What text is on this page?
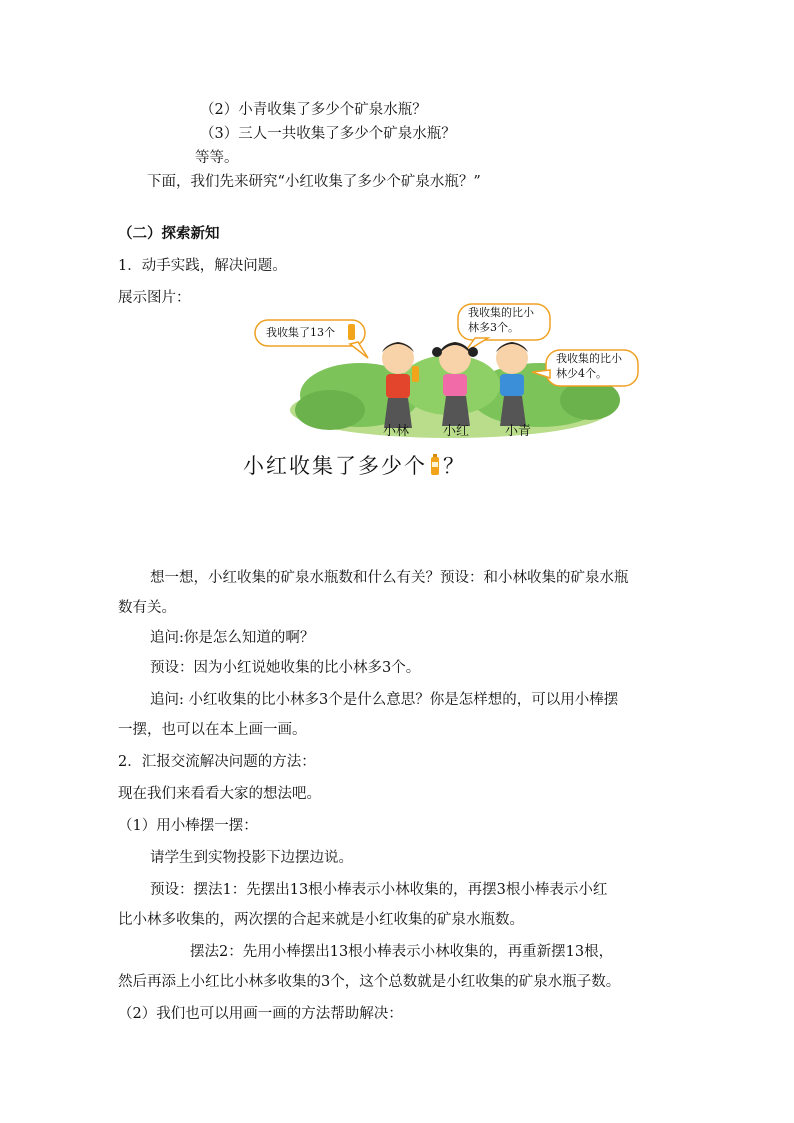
（2）小青收集了多少个矿泉水瓶？
（3）三人一共收集了多少个矿泉水瓶？
等等。
下面，我们先来研究“小红收集了多少个矿泉水瓶？”
（二）探索新知
1．动手实践，解决问题。
展示图片：
我收集了13个
我收集的比小
林多3个。
我收集的比小
林少4个。
小林	小红	小青
小红收集了多少个 ？
想一想，小红收集的矿泉水瓶数和什么有关？预设：和小林收集的矿泉水瓶
数有关。
追问:你是怎么知道的啊？
预设：因为小红说她收集的比小林多3个。
追问: 小红收集的比小林多3个是什么意思？你是怎样想的，可以用小棒摆
一摆，也可以在本上画一画。
2．汇报交流解决问题的方法：
现在我们来看看大家的想法吧。
（1）用小棒摆一摆：
请学生到实物投影下边摆边说。
预设：摆法1：先摆出13根小棒表示小林收集的，再摆3根小棒表示小红
比小林多收集的，两次摆的合起来就是小红收集的矿泉水瓶数。
摆法2：先用小棒摆出13根小棒表示小林收集的，再重新摆13根，
然后再添上小红比小林多收集的3个，这个总数就是小红收集的矿泉水瓶子数。
（2）我们也可以用画一画的方法帮助解决：
